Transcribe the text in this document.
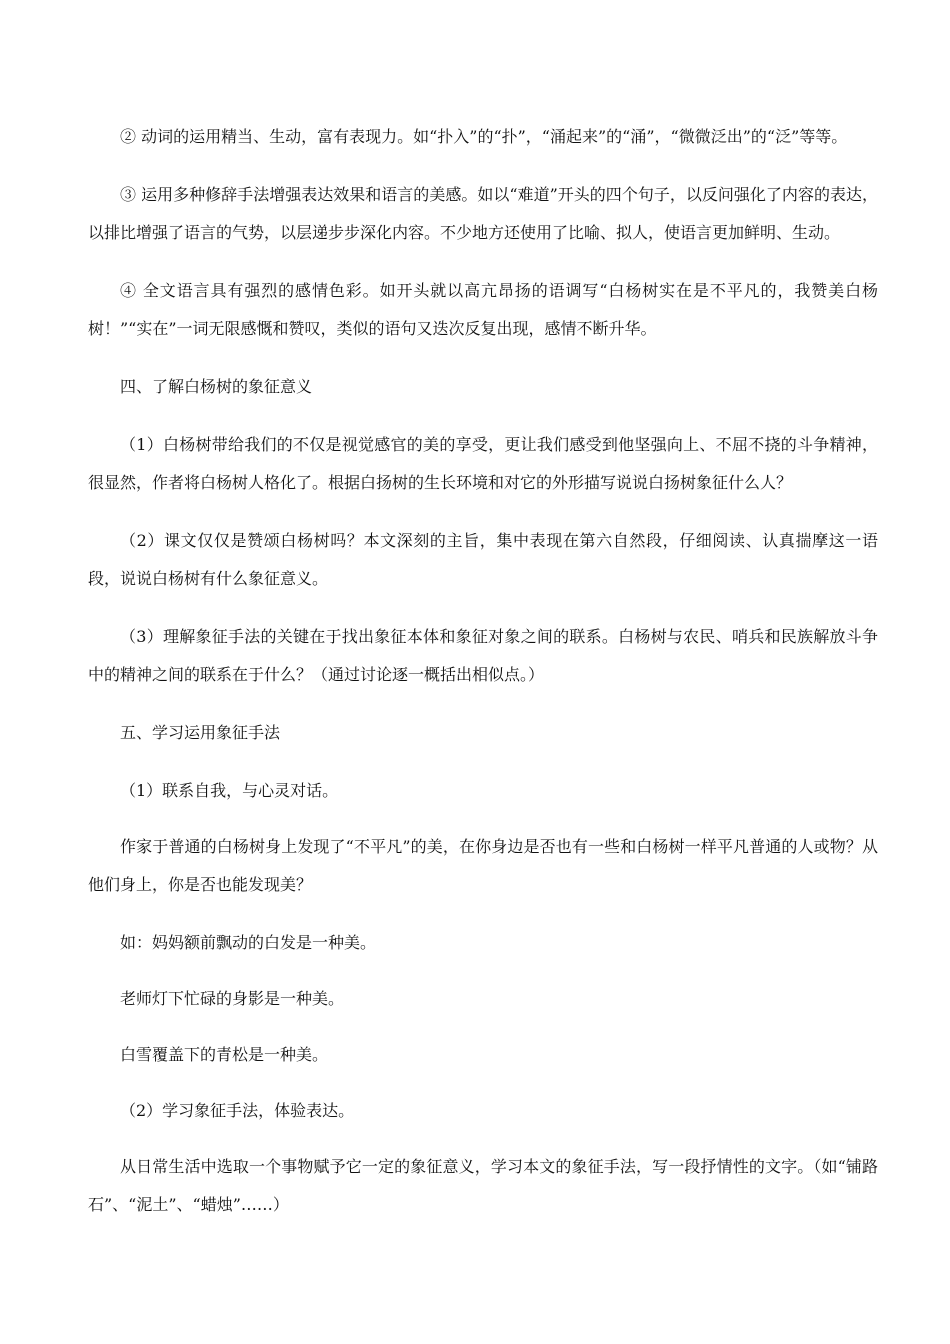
② 动词的运用精当、生动，富有表现力。如“扑入”的“扑”，“涌起来”的“涌”，“微微泛出”的“泛”等等。

③ 运用多种修辞手法增强表达效果和语言的美感。如以“难道”开头的四个句子，以反问强化了内容的表达，以排比增强了语言的气势，以层递步步深化内容。不少地方还使用了比喻、拟人，使语言更加鲜明、生动。

④ 全文语言具有强烈的感情色彩。如开头就以高亢昂扬的语调写“白杨树实在是不平凡的，我赞美白杨树！”“实在”一词无限感慨和赞叹，类似的语句又迭次反复出现，感情不断升华。

四、了解白杨树的象征意义

（1）白杨树带给我们的不仅是视觉感官的美的享受，更让我们感受到他坚强向上、不屈不挠的斗争精神，很显然，作者将白杨树人格化了。根据白扬树的生长环境和对它的外形描写说说白扬树象征什么人？

（2）课文仅仅是赞颂白杨树吗？本文深刻的主旨，集中表现在第六自然段，仔细阅读、认真揣摩这一语段，说说白杨树有什么象征意义。

（3）理解象征手法的关键在于找出象征本体和象征对象之间的联系。白杨树与农民、哨兵和民族解放斗争中的精神之间的联系在于什么？（通过讨论逐一概括出相似点。）

五、学习运用象征手法

（1）联系自我，与心灵对话。

作家于普通的白杨树身上发现了“不平凡”的美，在你身边是否也有一些和白杨树一样平凡普通的人或物？从他们身上，你是否也能发现美？

如：妈妈额前飘动的白发是一种美。

老师灯下忙碌的身影是一种美。

白雪覆盖下的青松是一种美。

（2）学习象征手法，体验表达。

从日常生活中选取一个事物赋予它一定的象征意义，学习本文的象征手法，写一段抒情性的文字。（如“铺路石”、“泥土”、“蜡烛”……）
